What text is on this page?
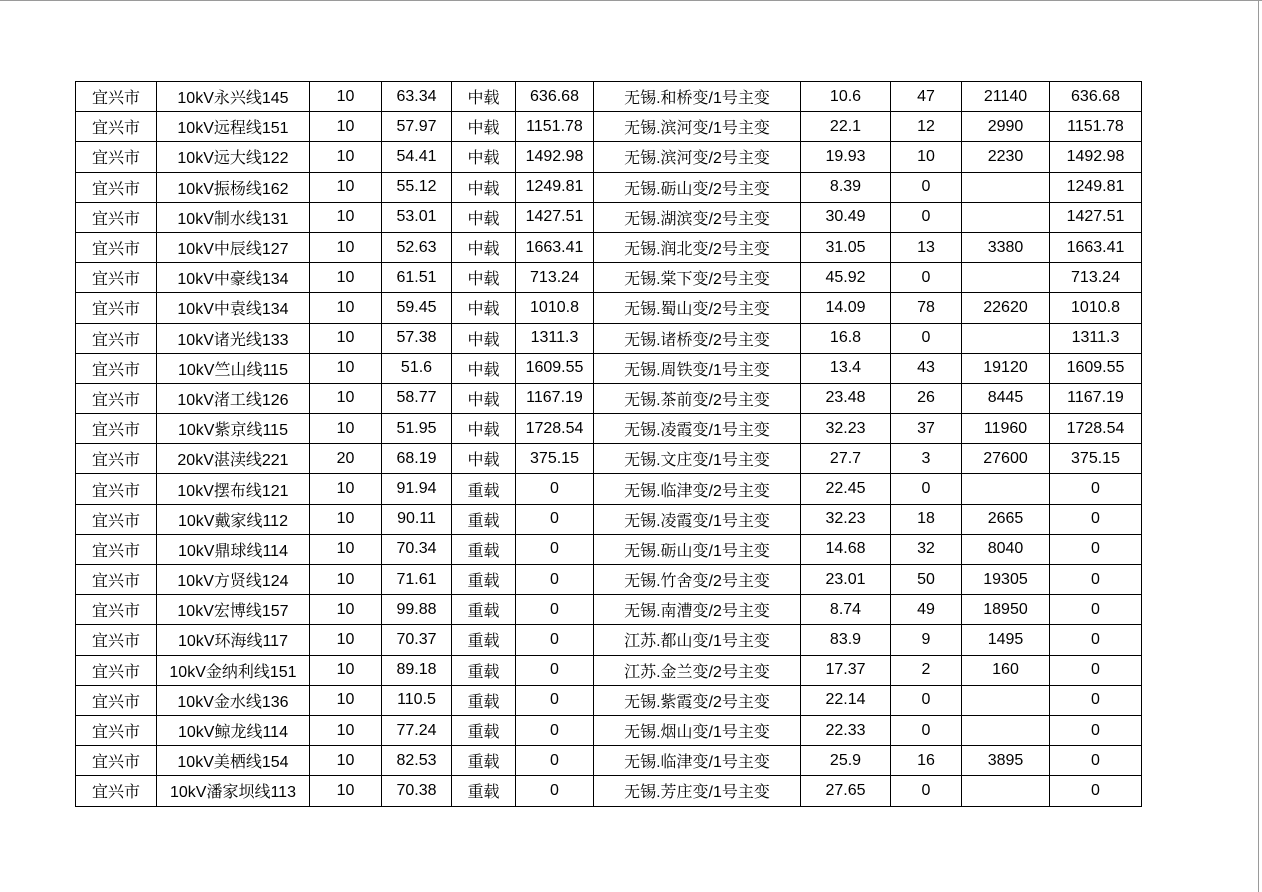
宜兴市	10kV永兴线145	10	63.34	中载	636.68	无锡.和桥变/1号主变	10.6	47	21140	636.68
宜兴市	10kV远程线151	10	57.97	中载	1151.78	无锡.滨河变/1号主变	22.1	12	2990	1151.78
宜兴市	10kV远大线122	10	54.41	中载	1492.98	无锡.滨河变/2号主变	19.93	10	2230	1492.98
宜兴市	10kV振杨线162	10	55.12	中载	1249.81	无锡.砺山变/2号主变	8.39	0		1249.81
宜兴市	10kV制水线131	10	53.01	中载	1427.51	无锡.湖滨变/2号主变	30.49	0		1427.51
宜兴市	10kV中辰线127	10	52.63	中载	1663.41	无锡.润北变/2号主变	31.05	13	3380	1663.41
宜兴市	10kV中豪线134	10	61.51	中载	713.24	无锡.棠下变/2号主变	45.92	0		713.24
宜兴市	10kV中袁线134	10	59.45	中载	1010.8	无锡.蜀山变/2号主变	14.09	78	22620	1010.8
宜兴市	10kV诸光线133	10	57.38	中载	1311.3	无锡.诸桥变/2号主变	16.8	0		1311.3
宜兴市	10kV竺山线115	10	51.6	中载	1609.55	无锡.周铁变/1号主变	13.4	43	19120	1609.55
宜兴市	10kV渚工线126	10	58.77	中载	1167.19	无锡.茶前变/2号主变	23.48	26	8445	1167.19
宜兴市	10kV紫京线115	10	51.95	中载	1728.54	无锡.凌霞变/1号主变	32.23	37	11960	1728.54
宜兴市	20kV湛渎线221	20	68.19	中载	375.15	无锡.文庄变/1号主变	27.7	3	27600	375.15
宜兴市	10kV摆布线121	10	91.94	重载	0	无锡.临津变/2号主变	22.45	0		0
宜兴市	10kV戴家线112	10	90.11	重载	0	无锡.凌霞变/1号主变	32.23	18	2665	0
宜兴市	10kV鼎球线114	10	70.34	重载	0	无锡.砺山变/1号主变	14.68	32	8040	0
宜兴市	10kV方贤线124	10	71.61	重载	0	无锡.竹舍变/2号主变	23.01	50	19305	0
宜兴市	10kV宏博线157	10	99.88	重载	0	无锡.南漕变/2号主变	8.74	49	18950	0
宜兴市	10kV环海线117	10	70.37	重载	0	江苏.都山变/1号主变	83.9	9	1495	0
宜兴市	10kV金纳利线151	10	89.18	重载	0	江苏.金兰变/2号主变	17.37	2	160	0
宜兴市	10kV金水线136	10	110.5	重载	0	无锡.紫霞变/2号主变	22.14	0		0
宜兴市	10kV鲸龙线114	10	77.24	重载	0	无锡.烟山变/1号主变	22.33	0		0
宜兴市	10kV美栖线154	10	82.53	重载	0	无锡.临津变/1号主变	25.9	16	3895	0
宜兴市	10kV潘家坝线113	10	70.38	重载	0	无锡.芳庄变/1号主变	27.65	0		0
